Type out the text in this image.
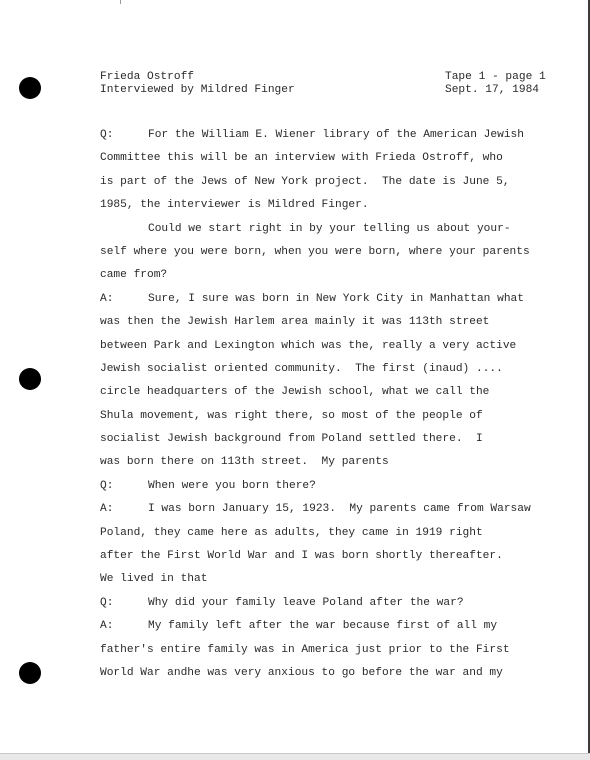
Frieda Ostroff
Interviewed by Mildred Finger
Tape 1 - page 1
Sept. 17, 1984
Q:	For the William E. Wiener library of the American Jewish
Committee this will be an interview with Frieda Ostroff, who
is part of the Jews of New York project.  The date is June 5,
1985, the interviewer is Mildred Finger.
Could we start right in by your telling us about your-
self where you were born, when you were born, where your parents
came from?
A:	Sure, I sure was born in New York City in Manhattan what
was then the Jewish Harlem area mainly it was 113th street
between Park and Lexington which was the, really a very active
Jewish socialist oriented community.  The first (inaud) ....
circle headquarters of the Jewish school, what we call the
Shula movement, was right there, so most of the people of
socialist Jewish background from Poland settled there.  I
was born there on 113th street.  My parents
Q:	When were you born there?
A:	I was born January 15, 1923.  My parents came from Warsaw
Poland, they came here as adults, they came in 1919 right
after the First World War and I was born shortly thereafter.
We lived in that
Q:	Why did your family leave Poland after the war?
A:	My family left after the war because first of all my
father's entire family was in America just prior to the First
World War andhe was very anxious to go before the war and my
